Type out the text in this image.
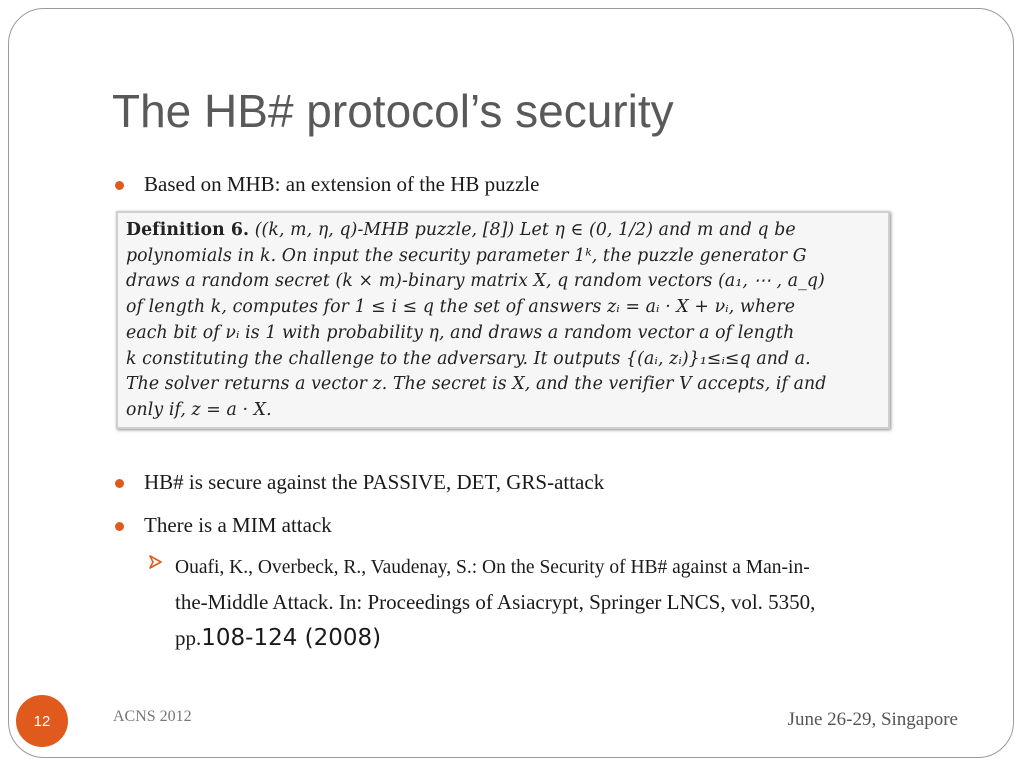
The HB# protocol’s security
Based on MHB: an extension of the HB puzzle
Definition 6. ((k, m, η, q)-MHB puzzle, [8]) Let η ∈ (0, 1/2) and m and q be
polynomials in k. On input the security parameter 1ᵏ, the puzzle generator G
draws a random secret (k × m)-binary matrix X, q random vectors (a₁, ⋯ , a_q)
of length k, computes for 1 ≤ i ≤ q the set of answers zᵢ = aᵢ · X + νᵢ, where
each bit of νᵢ is 1 with probability η, and draws a random vector a of length
k constituting the challenge to the adversary. It outputs {(aᵢ, zᵢ)}₁≤ᵢ≤q and a.
The solver returns a vector z. The secret is X, and the verifier V accepts, if and
only if, z = a · X.
HB# is secure against the PASSIVE, DET, GRS-attack
There is a MIM attack
Ouafi, K., Overbeck, R., Vaudenay, S.: On the Security of HB# against a Man-in-
the-Middle Attack. In: Proceedings of Asiacrypt, Springer LNCS, vol. 5350,
pp.108-124 (2008)
12	ACNS 2012	June 26-29, Singapore
